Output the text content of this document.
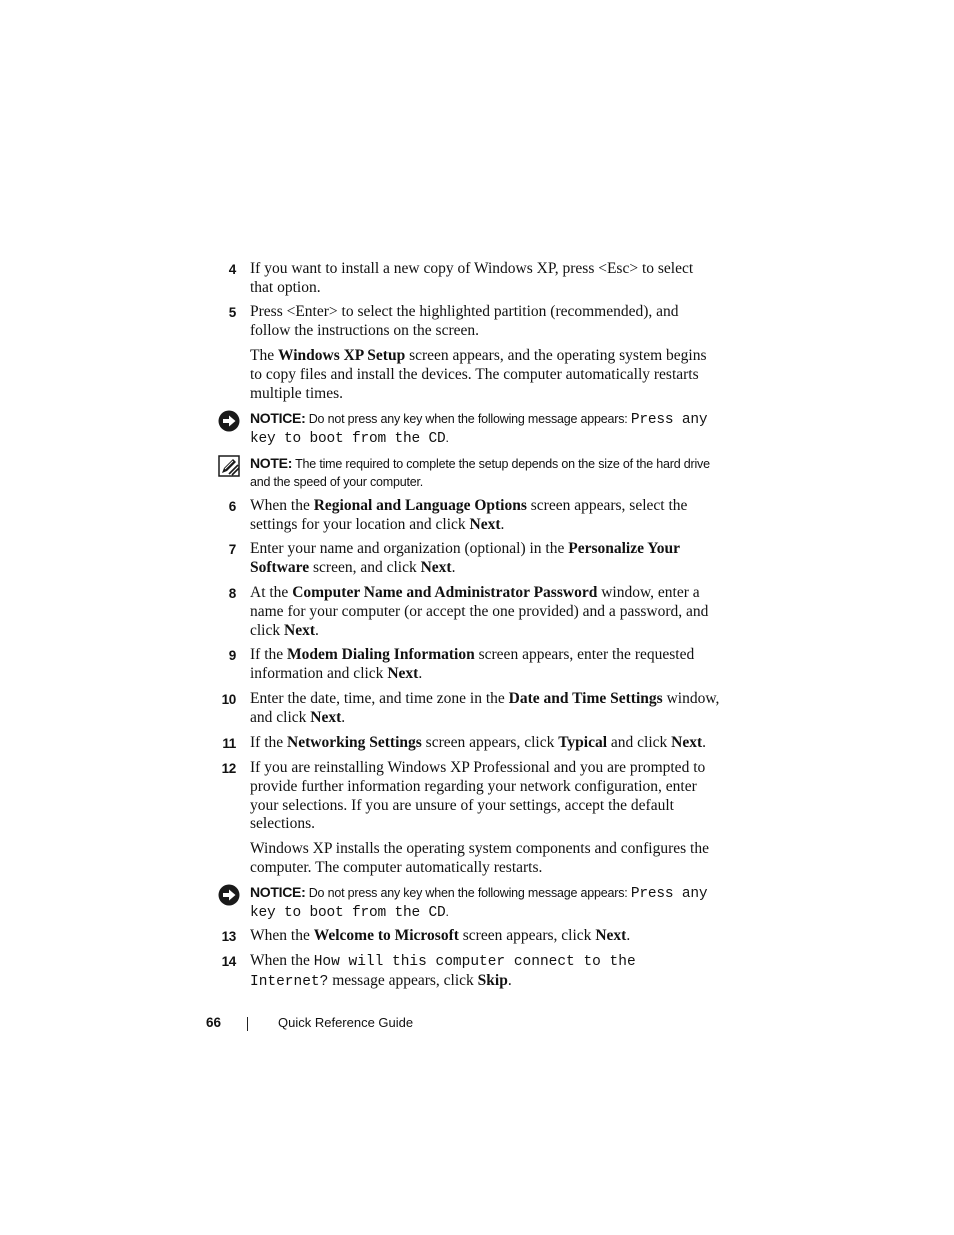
4 If you want to install a new copy of Windows XP, press <Esc> to select that option.
5 Press <Enter> to select the highlighted partition (recommended), and follow the instructions on the screen.
The Windows XP Setup screen appears, and the operating system begins to copy files and install the devices. The computer automatically restarts multiple times.
NOTICE: Do not press any key when the following message appears: Press any key to boot from the CD.
NOTE: The time required to complete the setup depends on the size of the hard drive and the speed of your computer.
6 When the Regional and Language Options screen appears, select the settings for your location and click Next.
7 Enter your name and organization (optional) in the Personalize Your Software screen, and click Next.
8 At the Computer Name and Administrator Password window, enter a name for your computer (or accept the one provided) and a password, and click Next.
9 If the Modem Dialing Information screen appears, enter the requested information and click Next.
10 Enter the date, time, and time zone in the Date and Time Settings window, and click Next.
11 If the Networking Settings screen appears, click Typical and click Next.
12 If you are reinstalling Windows XP Professional and you are prompted to provide further information regarding your network configuration, enter your selections. If you are unsure of your settings, accept the default selections.
Windows XP installs the operating system components and configures the computer. The computer automatically restarts.
NOTICE: Do not press any key when the following message appears: Press any key to boot from the CD.
13 When the Welcome to Microsoft screen appears, click Next.
14 When the How will this computer connect to the Internet? message appears, click Skip.
66	Quick Reference Guide
